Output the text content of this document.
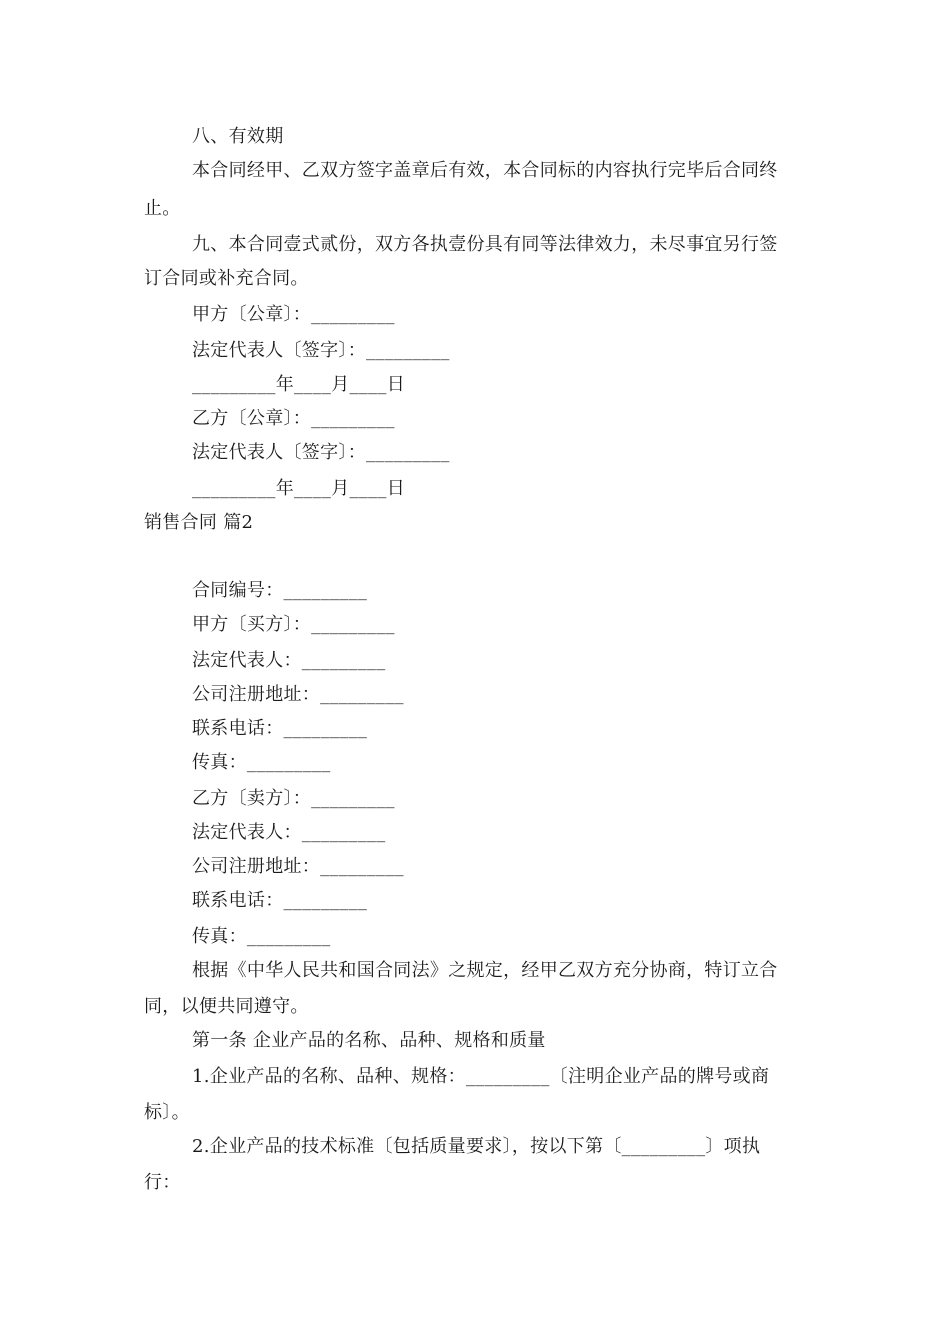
八、有效期
本合同经甲、乙双方签字盖章后有效，本合同标的内容执行完毕后合同终
止。
九、本合同壹式贰份，双方各执壹份具有同等法律效力，未尽事宜另行签
订合同或补充合同。
甲方〔公章〕：_________
法定代表人〔签字〕：_________
_________年____月____日
乙方〔公章〕：_________
法定代表人〔签字〕：_________
_________年____月____日
销售合同 篇2
合同编号：_________
甲方〔买方〕：_________
法定代表人：_________
公司注册地址：_________
联系电话：_________
传真：_________
乙方〔卖方〕：_________
法定代表人：_________
公司注册地址：_________
联系电话：_________
传真：_________
根据《中华人民共和国合同法》之规定，经甲乙双方充分协商，特订立合
同，以便共同遵守。
第一条 企业产品的名称、品种、规格和质量
1.企业产品的名称、品种、规格：_________〔注明企业产品的牌号或商
标〕。
2.企业产品的技术标准〔包括质量要求〕，按以下第〔_________〕项执
行：
